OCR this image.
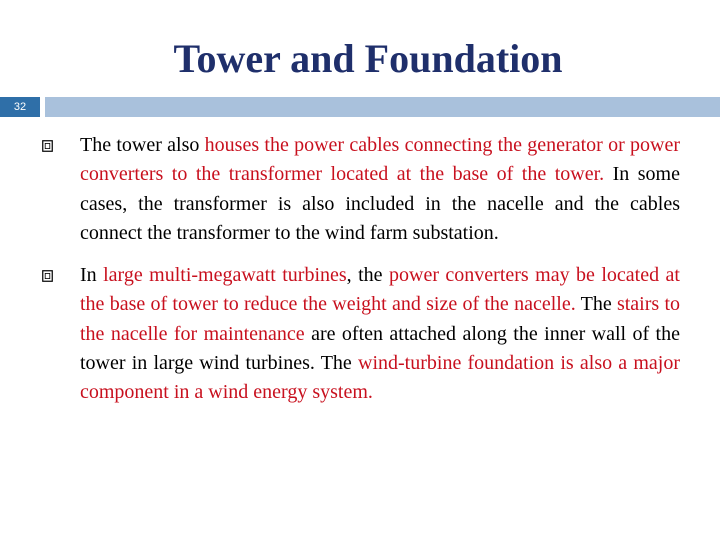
Tower and Foundation
32
The tower also houses the power cables connecting the generator or power converters to the transformer located at the base of the tower. In some cases, the transformer is also included in the nacelle and the cables connect the transformer to the wind farm substation.
In large multi-megawatt turbines, the power converters may be located at the base of tower to reduce the weight and size of the nacelle. The stairs to the nacelle for maintenance are often attached along the inner wall of the tower in large wind turbines. The wind-turbine foundation is also a major component in a wind energy system.
